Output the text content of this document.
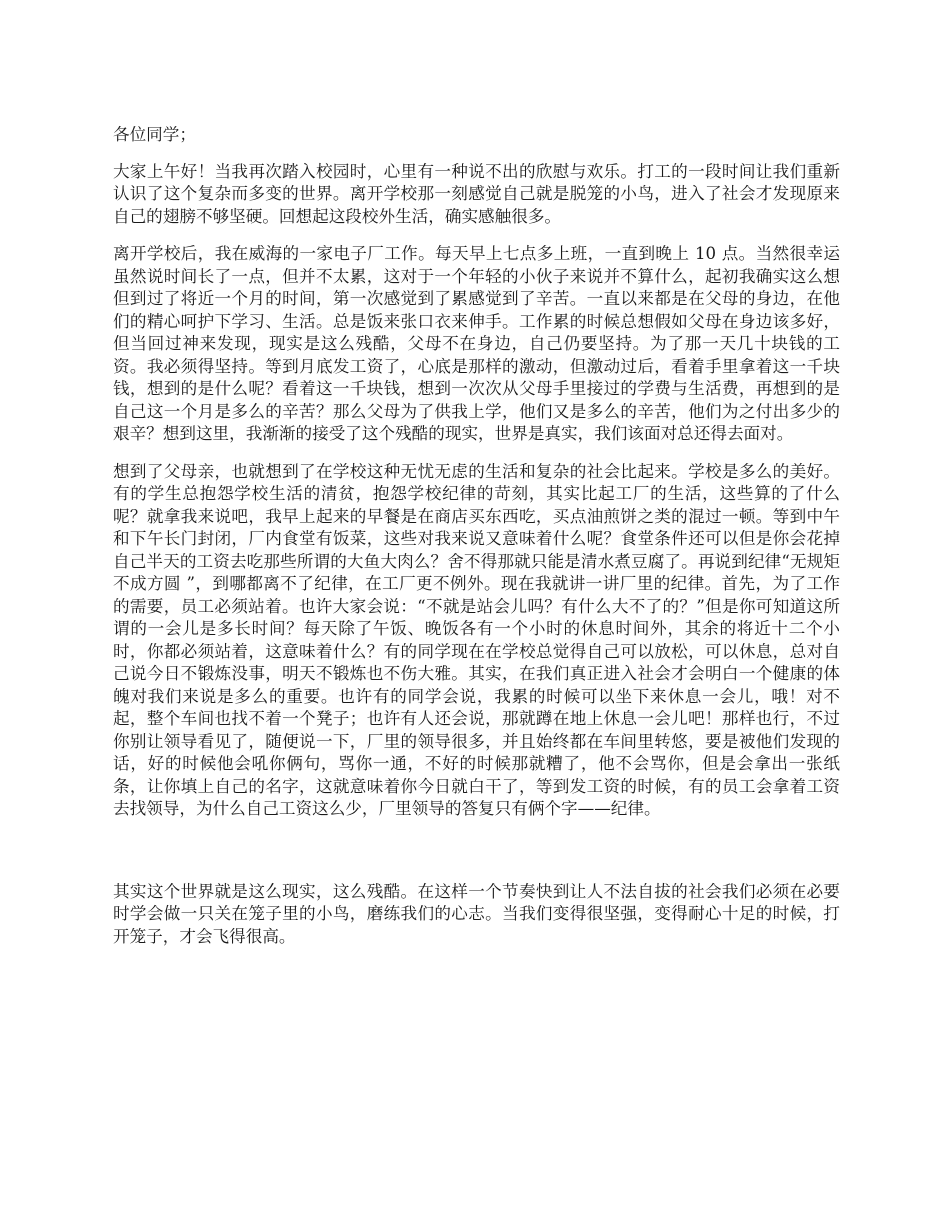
各位同学；

大家上午好！当我再次踏入校园时，心里有一种说不出的欣慰与欢乐。打工的一段时间让我们重新认识了这个复杂而多变的世界。离开学校那一刻感觉自己就是脱笼的小鸟，进入了社会才发现原来自己的翅膀不够坚硬。回想起这段校外生活，确实感触很多。

离开学校后，我在威海的一家电子厂工作。每天早上七点多上班，一直到晚上 10 点。当然很幸运虽然说时间长了一点，但并不太累，这对于一个年轻的小伙子来说并不算什么，起初我确实这么想但到过了将近一个月的时间，第一次感觉到了累感觉到了辛苦。一直以来都是在父母的身边，在他们的精心呵护下学习、生活。总是饭来张口衣来伸手。工作累的时候总想假如父母在身边该多好，但当回过神来发现，现实是这么残酷，父母不在身边，自己仍要坚持。为了那一天几十块钱的工资。我必须得坚持。等到月底发工资了，心底是那样的激动，但激动过后，看着手里拿着这一千块钱，想到的是什么呢？看着这一千块钱，想到一次次从父母手里接过的学费与生活费，再想到的是自己这一个月是多么的辛苦？那么父母为了供我上学，他们又是多么的辛苦，他们为之付出多少的艰辛？想到这里，我渐渐的接受了这个残酷的现实，世界是真实，我们该面对总还得去面对。

想到了父母亲，也就想到了在学校这种无忧无虑的生活和复杂的社会比起来。学校是多么的美好。有的学生总抱怨学校生活的清贫，抱怨学校纪律的苛刻，其实比起工厂的生活，这些算的了什么呢？就拿我来说吧，我早上起来的早餐是在商店买东西吃，买点油煎饼之类的混过一顿。等到中午和下午长门封闭，厂内食堂有饭菜，这些对我来说又意味着什么呢？食堂条件还可以但是你会花掉自己半天的工资去吃那些所谓的大鱼大肉么？舍不得那就只能是清水煮豆腐了。再说到纪律“无规矩不成方圆 ”，到哪都离不了纪律，在工厂更不例外。现在我就讲一讲厂里的纪律。首先，为了工作的需要，员工必须站着。也许大家会说：“不就是站会儿吗？有什么大不了的？”但是你可知道这所谓的一会儿是多长时间？每天除了午饭、晚饭各有一个小时的休息时间外，其余的将近十二个小时，你都必须站着，这意味着什么？有的同学现在在学校总觉得自己可以放松，可以休息，总对自己说今日不锻炼没事，明天不锻炼也不伤大雅。其实，在我们真正进入社会才会明白一个健康的体魄对我们来说是多么的重要。也许有的同学会说，我累的时候可以坐下来休息一会儿，哦！对不起，整个车间也找不着一个凳子；也许有人还会说，那就蹲在地上休息一会儿吧！那样也行，不过你别让领导看见了，随便说一下，厂里的领导很多，并且始终都在车间里转悠，要是被他们发现的话，好的时候他会吼你俩句，骂你一通，不好的时候那就糟了，他不会骂你，但是会拿出一张纸条，让你填上自己的名字，这就意味着你今日就白干了，等到发工资的时候，有的员工会拿着工资去找领导，为什么自己工资这么少，厂里领导的答复只有俩个字——纪律。

其实这个世界就是这么现实，这么残酷。在这样一个节奏快到让人不法自拔的社会我们必须在必要时学会做一只关在笼子里的小鸟，磨练我们的心志。当我们变得很坚强，变得耐心十足的时候，打开笼子，才会飞得很高。
